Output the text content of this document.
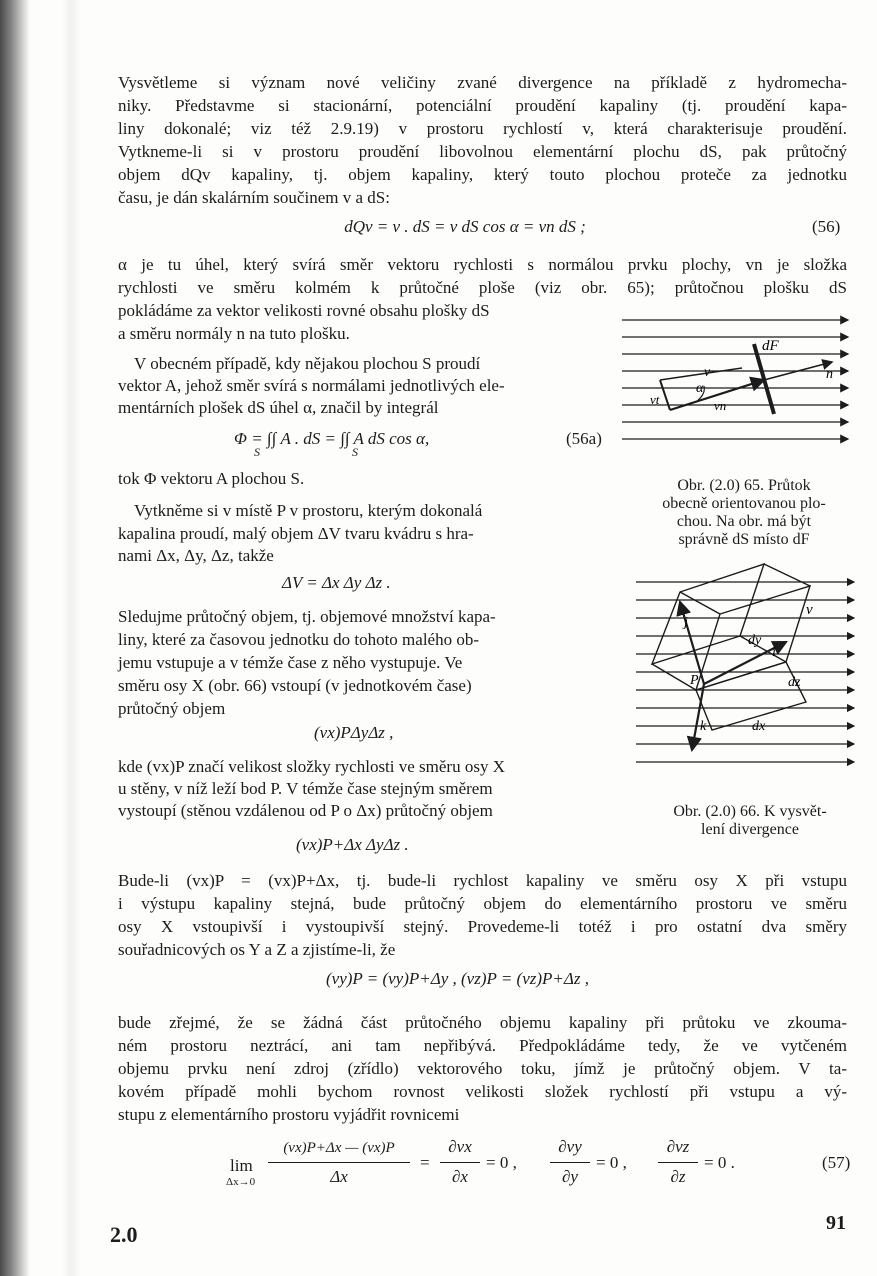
Vysvětleme si význam nové veličiny zvané divergence na příkladě z hydromecha-
niky. Představme si stacionární, potenciální proudění kapaliny (tj. proudění kapa-
liny dokonalé; viz též 2.9.19) v prostoru rychlostí v, která charakterisuje proudění.
Vytkneme-li si v prostoru proudění libovolnou elementární plochu dS, pak průtočný
objem dQv kapaliny, tj. objem kapaliny, který touto plochou proteče za jednotku
času, je dán skalárním součinem v a dS:
dQv = v . dS = v dS cos α = vn dS ;	(56)
α je tu úhel, který svírá směr vektoru rychlosti s normálou prvku plochy, vn je složka
rychlosti ve směru kolmém k průtočné ploše (viz obr. 65); průtočnou plošku dS
pokládáme za vektor velikosti rovné obsahu plošky dS
a směru normály n na tuto plošku.
V obecném případě, kdy nějakou plochou S proudí
vektor A, jehož směr svírá s normálami jednotlivých ele-
mentárních plošek dS úhel α, značil by integrál
Φ = ∫∫ A . dS = ∫∫ A dS cos α,
S	S
(56a)
tok Φ vektoru A plochou S.
Vytkněme si v místě P v prostoru, kterým dokonalá
kapalina proudí, malý objem ΔV tvaru kvádru s hra-
nami Δx, Δy, Δz, takže
ΔV = Δx Δy Δz .
Sledujme průtočný objem, tj. objemové množství kapa-
liny, které za časovou jednotku do tohoto malého ob-
jemu vstupuje a v témže čase z něho vystupuje. Ve
směru osy X (obr. 66) vstoupí (v jednotkovém čase)
průtočný objem
(vx)PΔyΔz ,
kde (vx)P značí velikost složky rychlosti ve směru osy X
u stěny, v níž leží bod P. V témže čase stejným směrem
vystoupí (stěnou vzdálenou od P o Δx) průtočný objem
(vx)P+Δx ΔyΔz .
Bude-li (vx)P = (vx)P+Δx, tj. bude-li rychlost kapaliny ve směru osy X při vstupu
i výstupu kapaliny stejná, bude průtočný objem do elementárního prostoru ve směru
osy X vstoupivší i vystoupivší stejný. Provedeme-li totéž i pro ostatní dva směry
souřadnicových os Y a Z a zjistíme-li, že
(vy)P = (vy)P+Δy , (vz)P = (vz)P+Δz ,
bude zřejmé, že se žádná část průtočného objemu kapaliny při průtoku ve zkouma-
ném prostoru neztrácí, ani tam nepřibývá. Předpokládáme tedy, že ve vytčeném
objemu prvku není zdroj (zřídlo) vektorového toku, jímž je průtočný objem. V ta-
kovém případě mohli bychom rovnost velikosti složek rychlostí při vstupu a vý-
stupu z elementárního prostoru vyjádřit rovnicemi
lim
Δx→0
(vx)P+Δx — (vx)P
Δx
=
∂vx
∂x
= 0 ,
∂vy
∂y
= 0 ,
∂vz
∂z
= 0 .	(57)
dF
v
α
n
vt	vn
Obr. (2.0) 65. Průtok
obecně orientovanou plo-
chou. Na obr. má být
správně dS místo dF
v
j
dy
i
P	dz
k	dx
Obr. (2.0) 66. K vysvět-
lení divergence
2.0	91
